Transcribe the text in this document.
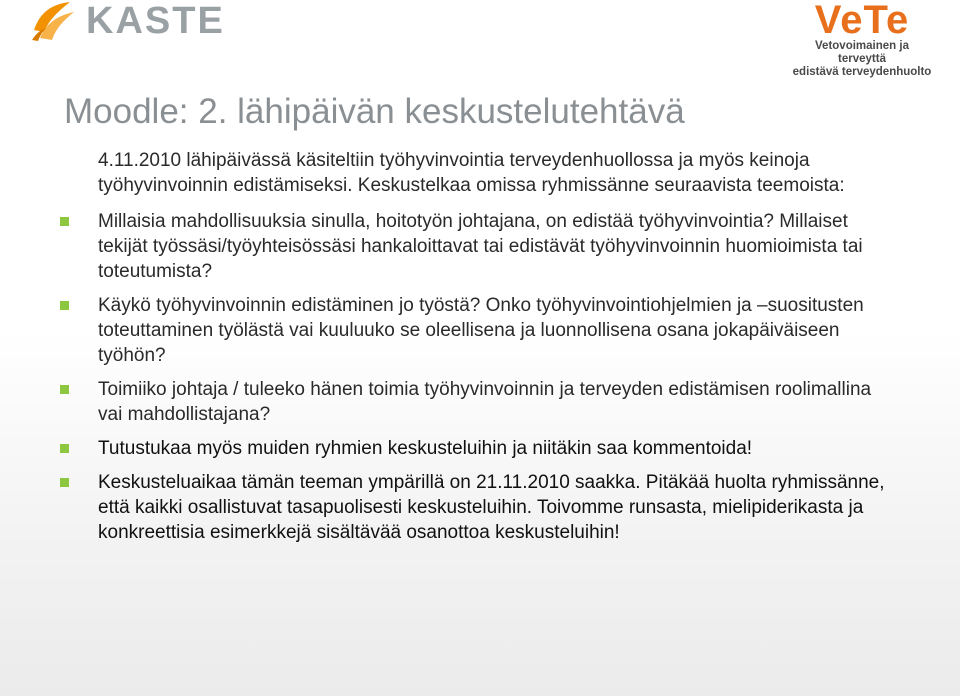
KASTE	VeTe
Vetovoimainen ja terveyttä
edistävä terveydenhuolto
Moodle: 2. lähipäivän keskustelutehtävä

4.11.2010 lähipäivässä käsiteltiin työhyvinvointia terveydenhuollossa ja myös keinoja työhyvinvoinnin edistämiseksi. Keskustelkaa omissa ryhmissänne seuraavista teemoista:

Millaisia mahdollisuuksia sinulla, hoitotyön johtajana, on edistää työhyvinvointia? Millaiset tekijät työssäsi/työyhteisössäsi hankaloittavat tai edistävät työhyvinvoinnin huomioimista tai toteutumista?
Käykö työhyvinvoinnin edistäminen jo työstä? Onko työhyvinvointiohjelmien ja –suositusten toteuttaminen työlästä vai kuuluuko se oleellisena ja luonnollisena osana jokapäiväiseen työhön?
Toimiiko johtaja / tuleeko hänen toimia työhyvinvoinnin ja terveyden edistämisen roolimallina vai mahdollistajana?
Tutustukaa myös muiden ryhmien keskusteluihin ja niitäkin saa kommentoida!
Keskusteluaikaa tämän teeman ympärillä on 21.11.2010 saakka. Pitäkää huolta ryhmissänne, että kaikki osallistuvat tasapuolisesti keskusteluihin. Toivomme runsasta, mielipiderikasta ja konkreettisia esimerkkejä sisältävää osanottoa keskusteluihin!
